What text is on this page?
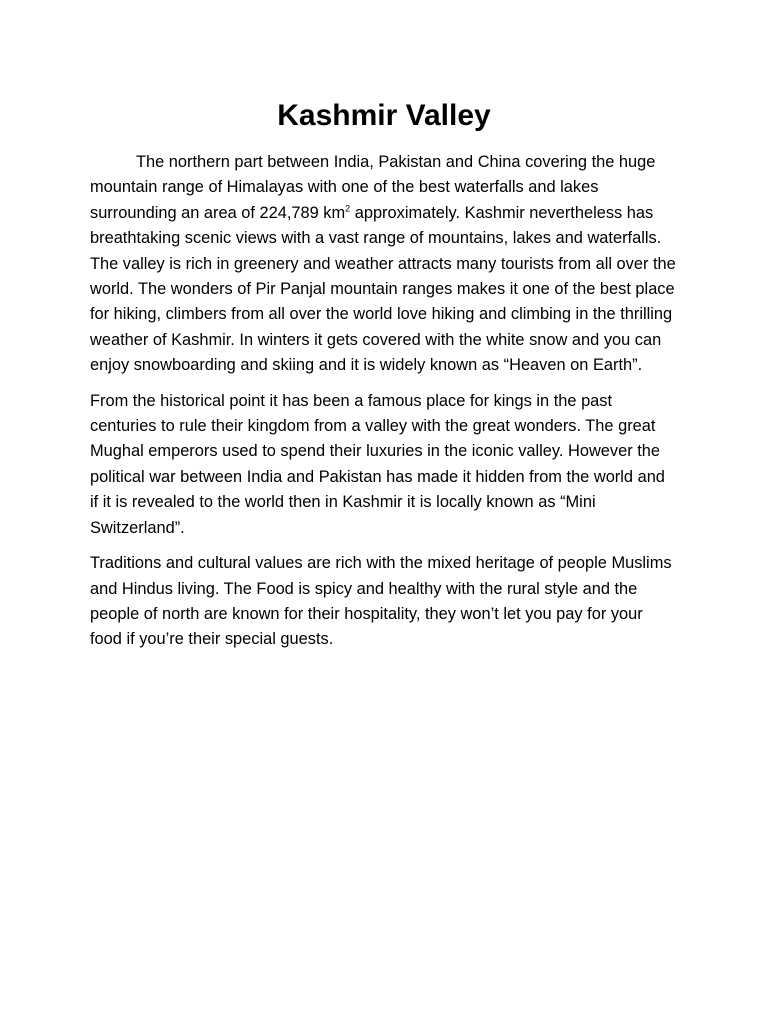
Kashmir Valley

The northern part between India, Pakistan and China covering the huge mountain range of Himalayas with one of the best waterfalls and lakes surrounding an area of 224,789 $km^2$ approximately. Kashmir nevertheless has breathtaking scenic views with a vast range of mountains, lakes and waterfalls. The valley is rich in greenery and weather attracts many tourists from all over the world. The wonders of Pir Panjal mountain ranges makes it one of the best place for hiking, climbers from all over the world love hiking and climbing in the thrilling weather of Kashmir. In winters it gets covered with the white snow and you can enjoy snowboarding and skiing and it is widely known as “Heaven on Earth”.

From the historical point it has been a famous place for kings in the past centuries to rule their kingdom from a valley with the great wonders. The great Mughal emperors used to spend their luxuries in the iconic valley. However the political war between India and Pakistan has made it hidden from the world and if it is revealed to the world then in Kashmir it is locally known as “Mini Switzerland”.

Traditions and cultural values are rich with the mixed heritage of people Muslims and Hindus living. The Food is spicy and healthy with the rural style and the people of north are known for their hospitality, they won’t let you pay for your food if you’re their special guests.
